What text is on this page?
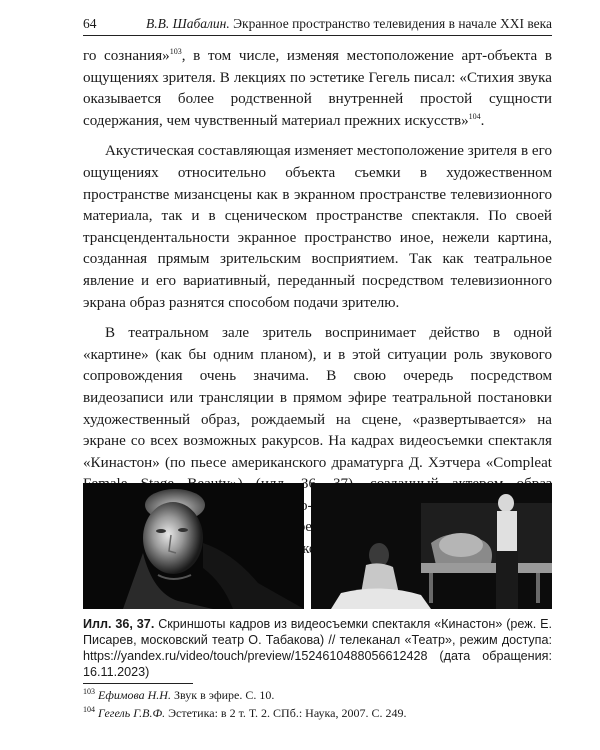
64	В.В. Шабалин. Экранное пространство телевидения в начале XXI века

го сознания»$^{103}$, в том числе, изменяя местоположение арт-объекта в ощущениях зрителя. В лекциях по эстетике Гегель писал: «Стихия звука оказывается более родственной внутренней простой сущности содержания, чем чувственный материал прежних искусств»$^{104}$.

Акустическая составляющая изменяет местоположение зрителя в его ощущениях относительно объекта съемки в художественном пространстве мизансцены как в экранном пространстве телевизионного материала, так и в сценическом пространстве спектакля. По своей трансцендентальности экранное пространство иное, нежели картина, созданная прямым зрительским восприятием. Так как театральное явление и его вариативный, переданный посредством телевизионного экрана образ разнятся способом подачи зрителю.

В театральном зале зритель воспринимает действо в одной «картине» (как бы одним планом), и в этой ситуации роль звукового сопровождения очень значима. В свою очередь посредством видеозаписи или трансляции в прямом эфире театральной постановки художественный образ, рождаемый на сцене, «развертывается» на экране со всех возможных ракурсов. На кадрах видеосъемки спектакля «Кинастон» (по пьесе американского драматурга Д. Хэтчера «Compleat

Илл. 36, 37. Скриншоты кадров из видеосъемки спектакля «Кинастон» (реж. Е. Писарев, московский театр О. Табакова) // телеканал «Театр», режим доступа: https://yandex.ru/video/touch/preview/152461048805661242​8 (дата обращения: 16.11.2023)
$^{103}$ Ефимова Н.Н. Звук в эфире. С. 10.
$^{104}$ Гегель Г.В.Ф. Эстетика: в 2 т. Т. 2. СПб.: Наука, 2007. С. 249.
